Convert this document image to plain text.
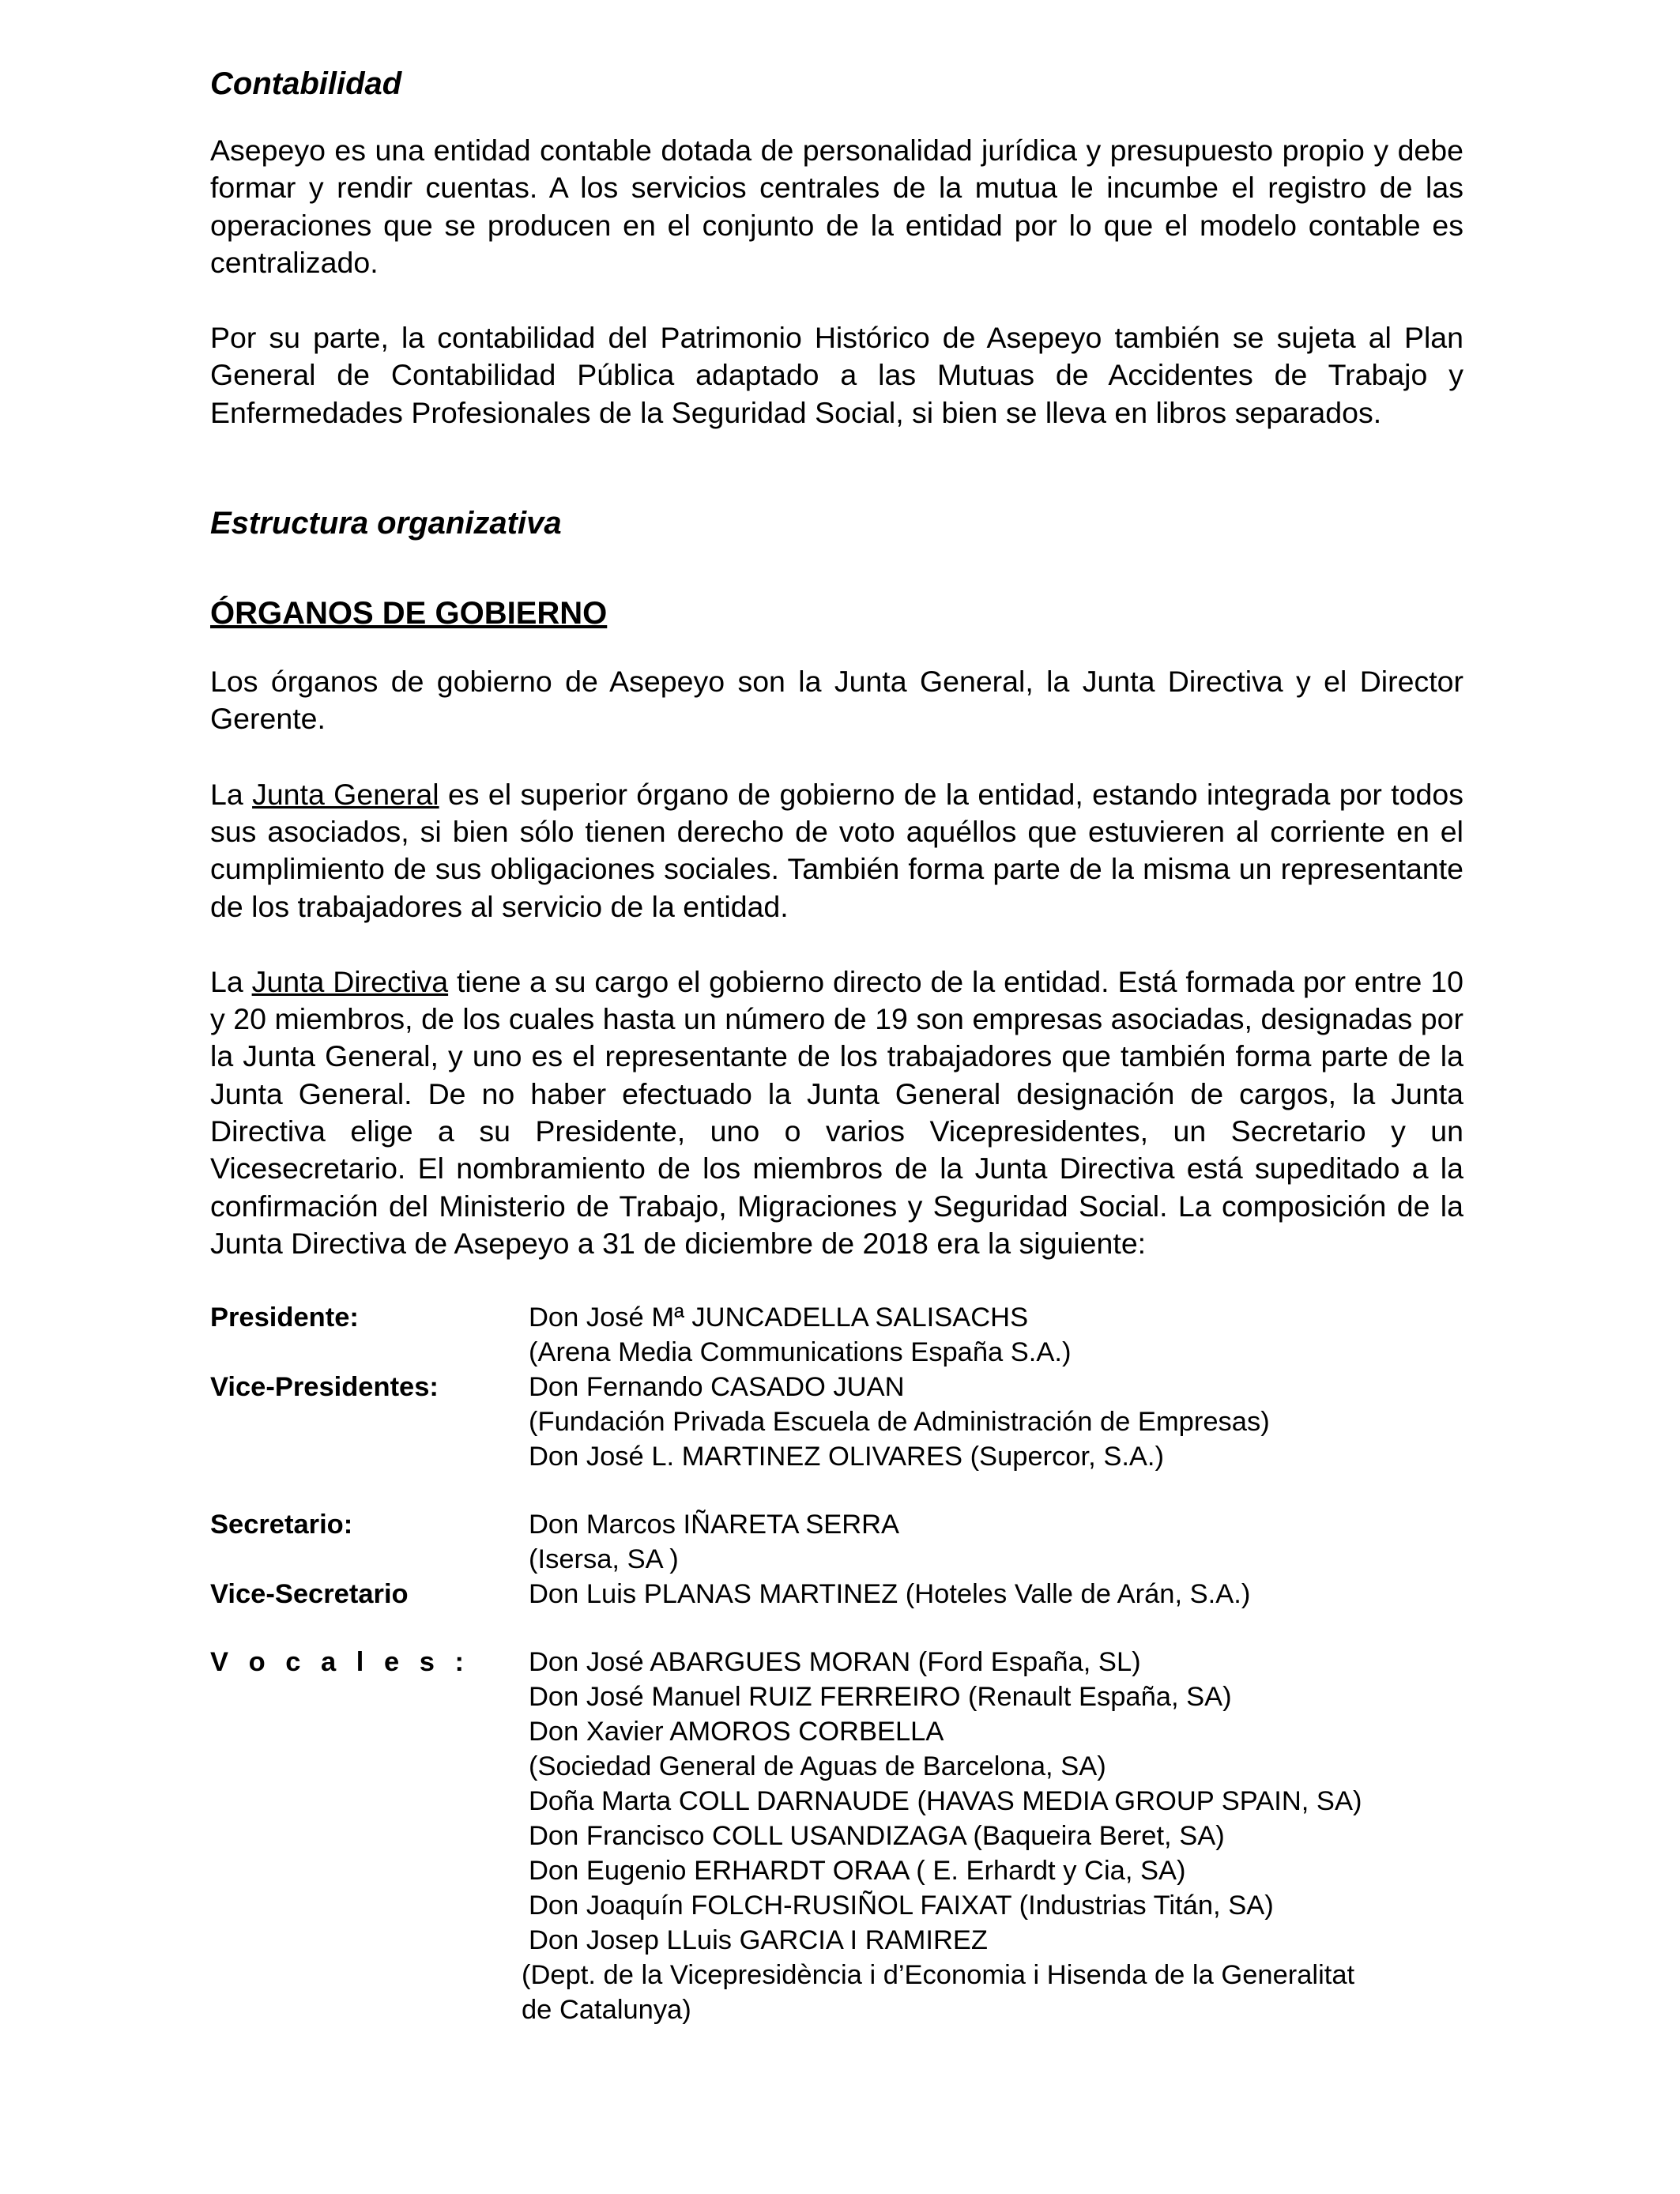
Contabilidad

Asepeyo es una entidad contable dotada de personalidad jurídica y presupuesto propio y debe formar y rendir cuentas. A los servicios centrales de la mutua le incumbe el registro de las operaciones que se producen en el conjunto de la entidad por lo que el modelo contable es centralizado.

Por su parte, la contabilidad del Patrimonio Histórico de Asepeyo también se sujeta al Plan General de Contabilidad Pública adaptado a las Mutuas de Accidentes de Trabajo y Enfermedades Profesionales de la Seguridad Social, si bien se lleva en libros separados.

Estructura organizativa
ÓRGANOS DE GOBIERNO

Los órganos de gobierno de Asepeyo son la Junta General, la Junta Directiva y el Director Gerente.

La Junta General es el superior órgano de gobierno de la entidad, estando integrada por todos sus asociados, si bien sólo tienen derecho de voto aquéllos que estuvieren al corriente en el cumplimiento de sus obligaciones sociales. También forma parte de la misma un representante de los trabajadores al servicio de la entidad.

La Junta Directiva tiene a su cargo el gobierno directo de la entidad. Está formada por entre 10 y 20 miembros, de los cuales hasta un número de 19 son empresas asociadas, designadas por la Junta General, y uno es el representante de los trabajadores que también forma parte de la Junta General. De no haber efectuado la Junta General designación de cargos, la Junta Directiva elige a su Presidente, uno o varios Vicepresidentes, un Secretario y un Vicesecretario. El nombramiento de los miembros de la Junta Directiva está supeditado a la confirmación del Ministerio de Trabajo, Migraciones y Seguridad Social. La composición de la Junta Directiva de Asepeyo a 31 de diciembre de 2018 era la siguiente:

Presidente:	Don José Mª JUNCADELLA SALISACHS
(Arena Media Communications España S.A.)
Vice-Presidentes:	Don Fernando CASADO JUAN
(Fundación Privada Escuela de Administración de Empresas)
Don José L. MARTINEZ OLIVARES (Supercor, S.A.)
Secretario:	Don Marcos IÑARETA SERRA
(Isersa, SA )
Vice-Secretario	Don Luis PLANAS MARTINEZ (Hoteles Valle de Arán, S.A.)
V o c a l e s : Don José ABARGUES MORAN (Ford España, SL)
Don José Manuel RUIZ FERREIRO (Renault España, SA)
Don Xavier AMOROS CORBELLA
(Sociedad General de Aguas de Barcelona, SA)
Doña Marta COLL DARNAUDE (HAVAS MEDIA GROUP SPAIN, SA)
Don Francisco COLL USANDIZAGA (Baqueira Beret, SA)
Don Eugenio ERHARDT ORAA ( E. Erhardt y Cia, SA)
Don Joaquín FOLCH-RUSIÑOL FAIXAT (Industrias Titán, SA)
Don Josep LLuis GARCIA I RAMIREZ
(Dept. de la Vicepresidència i d’Economia i Hisenda de la Generalitat
de Catalunya)
